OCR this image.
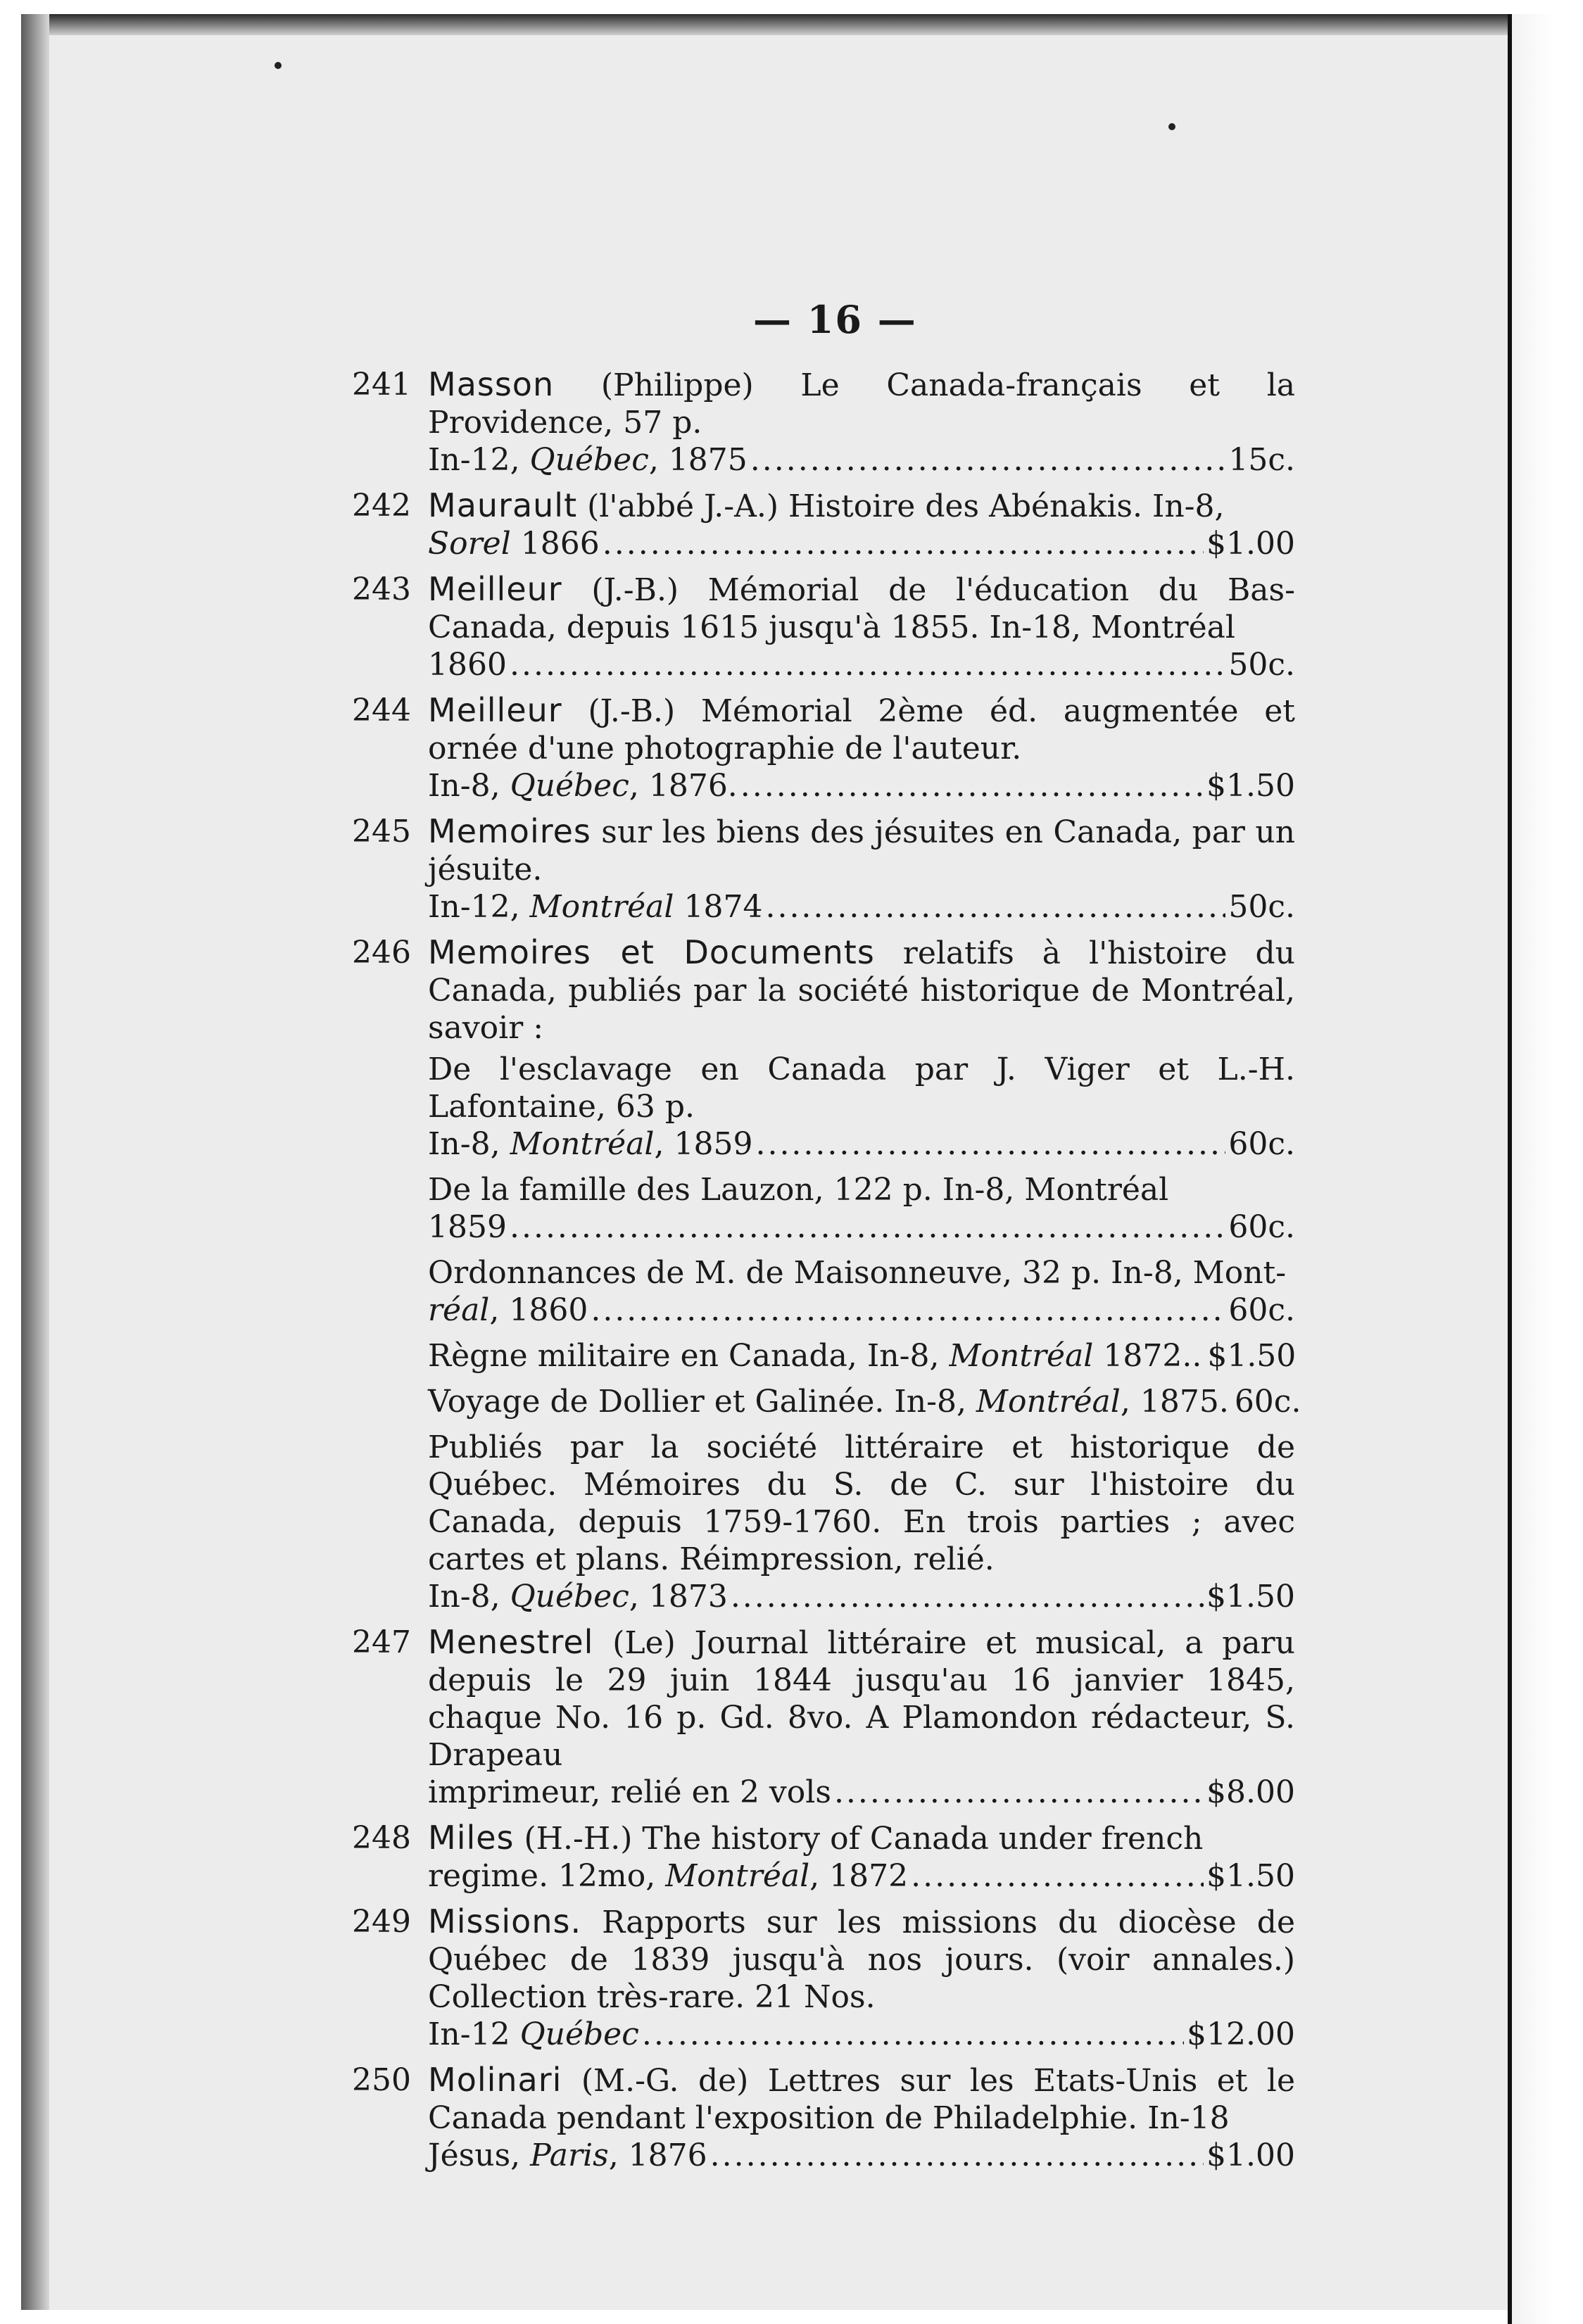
— 16 —
241 Masson (Philippe) Le Canada-français et la Providence, 57 p.
In-12, Québec, 1875 .....	15c.
242 Maurault (l'abbé J.-A.) Histoire des Abénakis. In-8,
Sorel 1866 .....	$1.00
243 Meilleur (J.-B.) Mémorial de l'éducation du Bas-Canada, depuis 1615 jusqu'à 1855. In-18, Montréal
1860 .....	50c.
244 Meilleur (J.-B.) Mémorial 2ème éd. augmentée et ornée d'une photographie de l'auteur.
In-8, Québec, 1876. .....	$1.50
245 Memoires sur les biens des jésuites en Canada, par un jésuite.
In-12, Montréal 1874 .....	50c.
246 Memoires et Documents relatifs à l'histoire du Canada, publiés par la société historique de Montréal, savoir :
De l'esclavage en Canada par J. Viger et L.-H. Lafontaine, 63 p.
In-8, Montréal, 1859 .....	60c.
De la famille des Lauzon, 122 p. In-8, Montréal
1859 .....	60c.
Ordonnances de M. de Maisonneuve, 32 p. In-8, Mont-
réal, 1860 .....	60c.
Règne militaire en Canada, In-8, Montréal 1872.. $1.50
Voyage de Dollier et Galinée. In-8, Montréal, 1875. 60c.
Publiés par la société littéraire et historique de Québec. Mémoires du S. de C. sur l'histoire du Canada, depuis 1759-1760. En trois parties ; avec cartes et plans. Réimpression, relié.
In-8, Québec, 1873 .....	$1.50
247 Menestrel (Le) Journal littéraire et musical, a paru depuis le 29 juin 1844 jusqu'au 16 janvier 1845, chaque No. 16 p. Gd. 8vo. A Plamondon rédacteur, S. Drapeau
imprimeur, relié en 2 vols .....	$8.00
248 Miles (H.-H.) The history of Canada under french
regime. 12mo, Montréal, 1872 .....	$1.50
249 Missions. Rapports sur les missions du diocèse de Québec de 1839 jusqu'à nos jours. (voir annales.) Collection très-rare. 21 Nos.
In-12 Québec .....	$12.00
250 Molinari (M.-G. de) Lettres sur les Etats-Unis et le Canada pendant l'exposition de Philadelphie. In-18
Jésus, Paris, 1876 .....	$1.00
